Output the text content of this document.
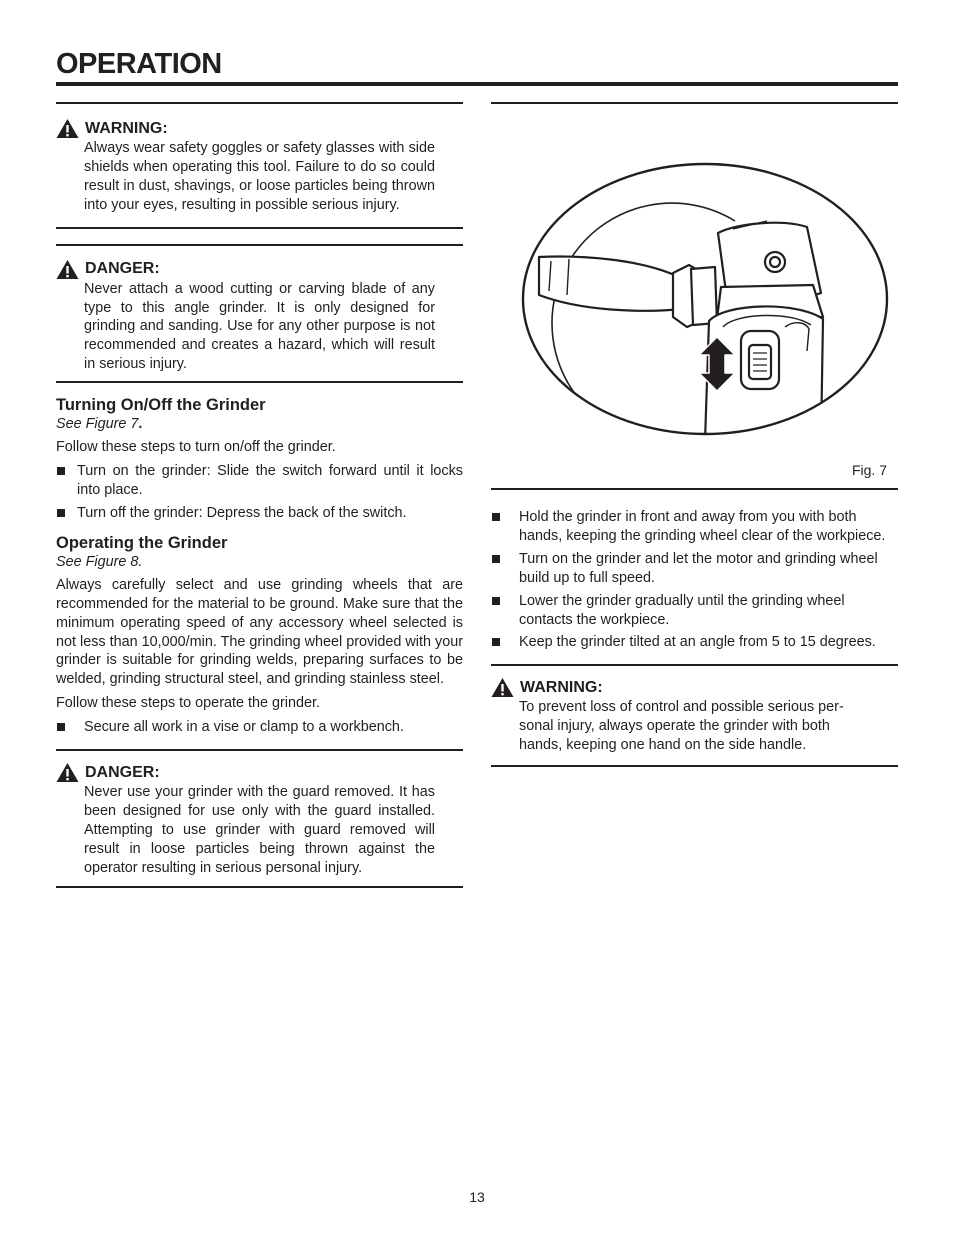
OPERATION
WARNING:
Always wear safety goggles or safety glasses with side shields when operating this tool. Failure to do so could result in dust, shavings, or loose particles being thrown into your eyes, resulting in possible serious injury.
DANGER:
Never attach a wood cutting or carving blade of any type to this angle grinder. It is only designed for grinding and sanding. Use for any other purpose is not recommended and creates a hazard, which will result in serious injury.
Turning On/Off the Grinder
See Figure 7.
Follow these steps to turn on/off the grinder.
Turn on the grinder: Slide the switch forward until it locks into place.
Turn off the grinder: Depress the back of the switch.
Operating the Grinder
See Figure 8.
Always carefully select and use grinding wheels that are recommended for the material to be ground. Make sure that the minimum operating speed of any accessory wheel selected is not less than 10,000/min. The grinding wheel provided with your grinder is suitable for grinding welds, preparing surfaces to be welded, grinding structural steel, and grinding stainless steel.
Follow these steps to operate the grinder.
Secure all work in a vise or clamp to a workbench.
DANGER:
Never use your grinder with the guard removed. It has been designed for use only with the guard installed. Attempting to use grinder with guard removed will result in loose particles being thrown against the operator resulting in serious personal injury.
Fig. 7
Hold the grinder in front and away from you with both hands, keeping the grinding wheel clear of the workpiece.
Turn on the grinder and let the motor and grinding wheel build up to full speed.
Lower the grinder gradually until the grinding wheel contacts the workpiece.
Keep the grinder tilted at an angle from 5 to 15 degrees.
WARNING:
To prevent loss of control and possible serious per-sonal injury, always operate the grinder with both hands, keeping one hand on the side handle.
13
